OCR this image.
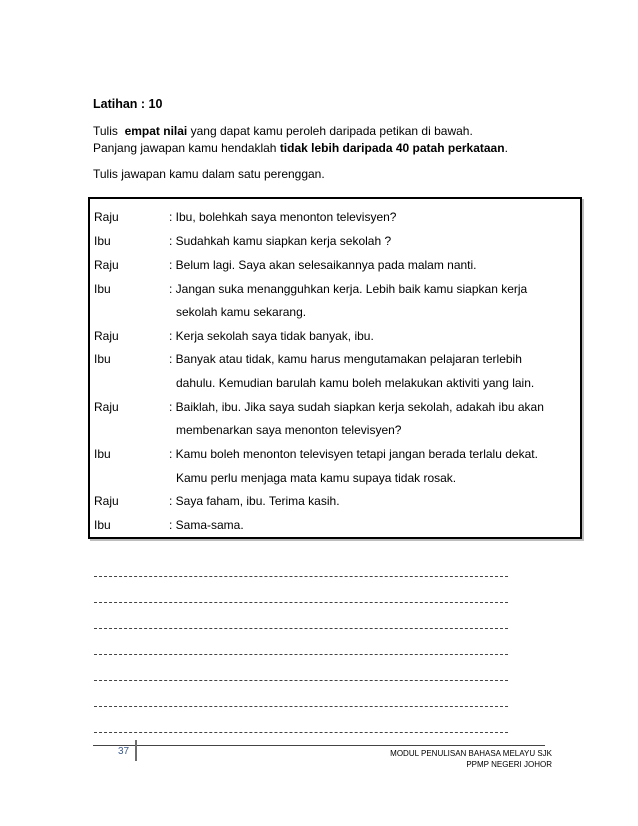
Latihan : 10
Tulis empat nilai yang dapat kamu peroleh daripada petikan di bawah.
Panjang jawapan kamu hendaklah tidak lebih daripada 40 patah perkataan.
Tulis jawapan kamu dalam satu perenggan.
Raju	: Ibu, bolehkah saya menonton televisyen?
Ibu	: Sudahkah kamu siapkan kerja sekolah ?
Raju	: Belum lagi. Saya akan selesaikannya pada malam nanti.
Ibu	: Jangan suka menangguhkan kerja. Lebih baik kamu siapkan kerja
sekolah kamu sekarang.
Raju	: Kerja sekolah saya tidak banyak, ibu.
Ibu	: Banyak atau tidak, kamu harus mengutamakan pelajaran terlebih
dahulu. Kemudian barulah kamu boleh melakukan aktiviti yang lain.
Raju	: Baiklah, ibu. Jika saya sudah siapkan kerja sekolah, adakah ibu akan
membenarkan saya menonton televisyen?
Ibu	: Kamu boleh menonton televisyen tetapi jangan berada terlalu dekat.
Kamu perlu menjaga mata kamu supaya tidak rosak.
Raju	: Saya faham, ibu. Terima kasih.
Ibu	: Sama-sama.
37	MODUL PENULISAN BAHASA MELAYU SJK
PPMP NEGERI JOHOR
